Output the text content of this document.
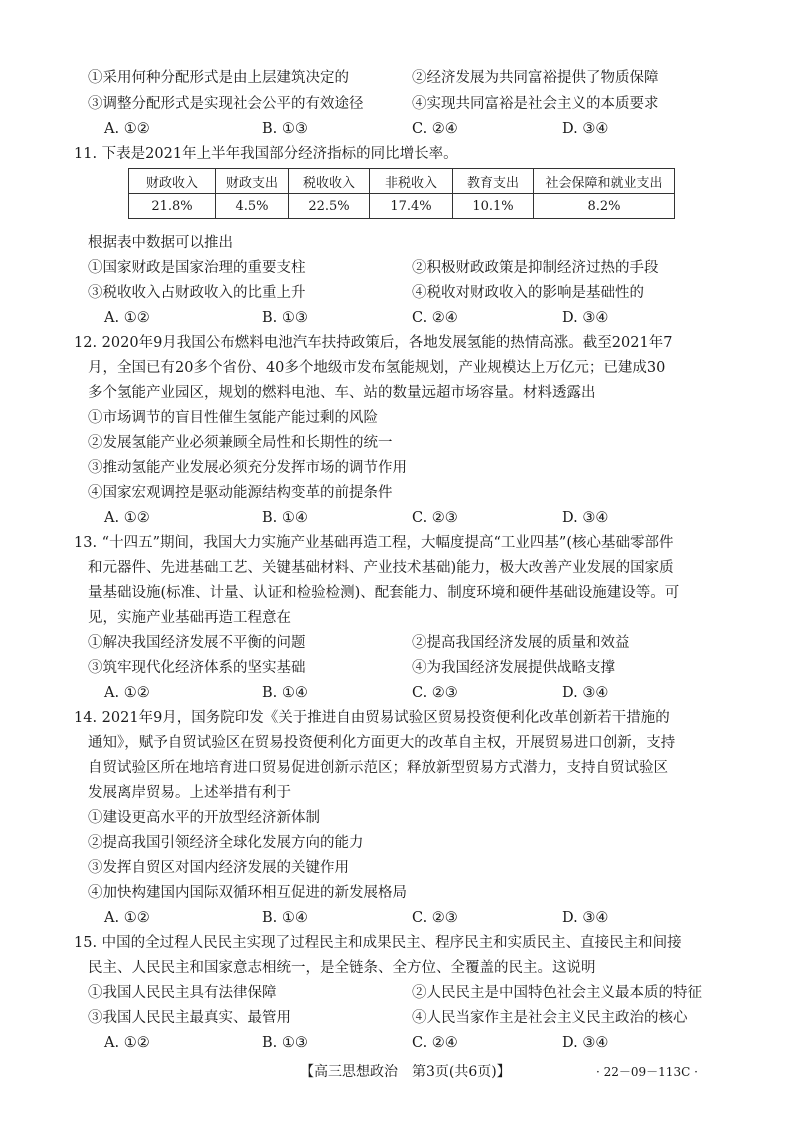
①采用何种分配形式是由上层建筑决定的	②经济发展为共同富裕提供了物质保障
③调整分配形式是实现社会公平的有效途径	④实现共同富裕是社会主义的本质要求
A. ①②	B. ①③	C. ②④	D. ③④
11. 下表是2021年上半年我国部分经济指标的同比增长率。
财政收入	财政支出	税收收入	非税收入	教育支出	社会保障和就业支出
21.8%	4.5%	22.5%	17.4%	10.1%	8.2%
根据表中数据可以推出
①国家财政是国家治理的重要支柱	②积极财政政策是抑制经济过热的手段
③税收收入占财政收入的比重上升	④税收对财政收入的影响是基础性的
A. ①②	B. ①③	C. ②④	D. ③④
12. 2020年9月我国公布燃料电池汽车扶持政策后，各地发展氢能的热情高涨。截至2021年7
月，全国已有20多个省份、40多个地级市发布氢能规划，产业规模达上万亿元；已建成30
多个氢能产业园区，规划的燃料电池、车、站的数量远超市场容量。材料透露出
①市场调节的盲目性催生氢能产能过剩的风险
②发展氢能产业必须兼顾全局性和长期性的统一
③推动氢能产业发展必须充分发挥市场的调节作用
④国家宏观调控是驱动能源结构变革的前提条件
A. ①②	B. ①④	C. ②③	D. ③④
13. “十四五”期间，我国大力实施产业基础再造工程，大幅度提高“工业四基”(核心基础零部件
和元器件、先进基础工艺、关键基础材料、产业技术基础)能力，极大改善产业发展的国家质
量基础设施(标准、计量、认证和检验检测)、配套能力、制度环境和硬件基础设施建设等。可
见，实施产业基础再造工程意在
①解决我国经济发展不平衡的问题	②提高我国经济发展的质量和效益
③筑牢现代化经济体系的坚实基础	④为我国经济发展提供战略支撑
A. ①②	B. ①④	C. ②③	D. ③④
14. 2021年9月，国务院印发《关于推进自由贸易试验区贸易投资便利化改革创新若干措施的
通知》，赋予自贸试验区在贸易投资便利化方面更大的改革自主权，开展贸易进口创新，支持
自贸试验区所在地培育进口贸易促进创新示范区；释放新型贸易方式潜力，支持自贸试验区
发展离岸贸易。上述举措有利于
①建设更高水平的开放型经济新体制
②提高我国引领经济全球化发展方向的能力
③发挥自贸区对国内经济发展的关键作用
④加快构建国内国际双循环相互促进的新发展格局
A. ①②	B. ①④	C. ②③	D. ③④
15. 中国的全过程人民民主实现了过程民主和成果民主、程序民主和实质民主、直接民主和间接
民主、人民民主和国家意志相统一，是全链条、全方位、全覆盖的民主。这说明
①我国人民民主具有法律保障	②人民民主是中国特色社会主义最本质的特征
③我国人民民主最真实、最管用	④人民当家作主是社会主义民主政治的核心
A. ①②	B. ①③	C. ②④	D. ③④
【高三思想政治　第3页(共6页)】	· 22－09－113C ·
